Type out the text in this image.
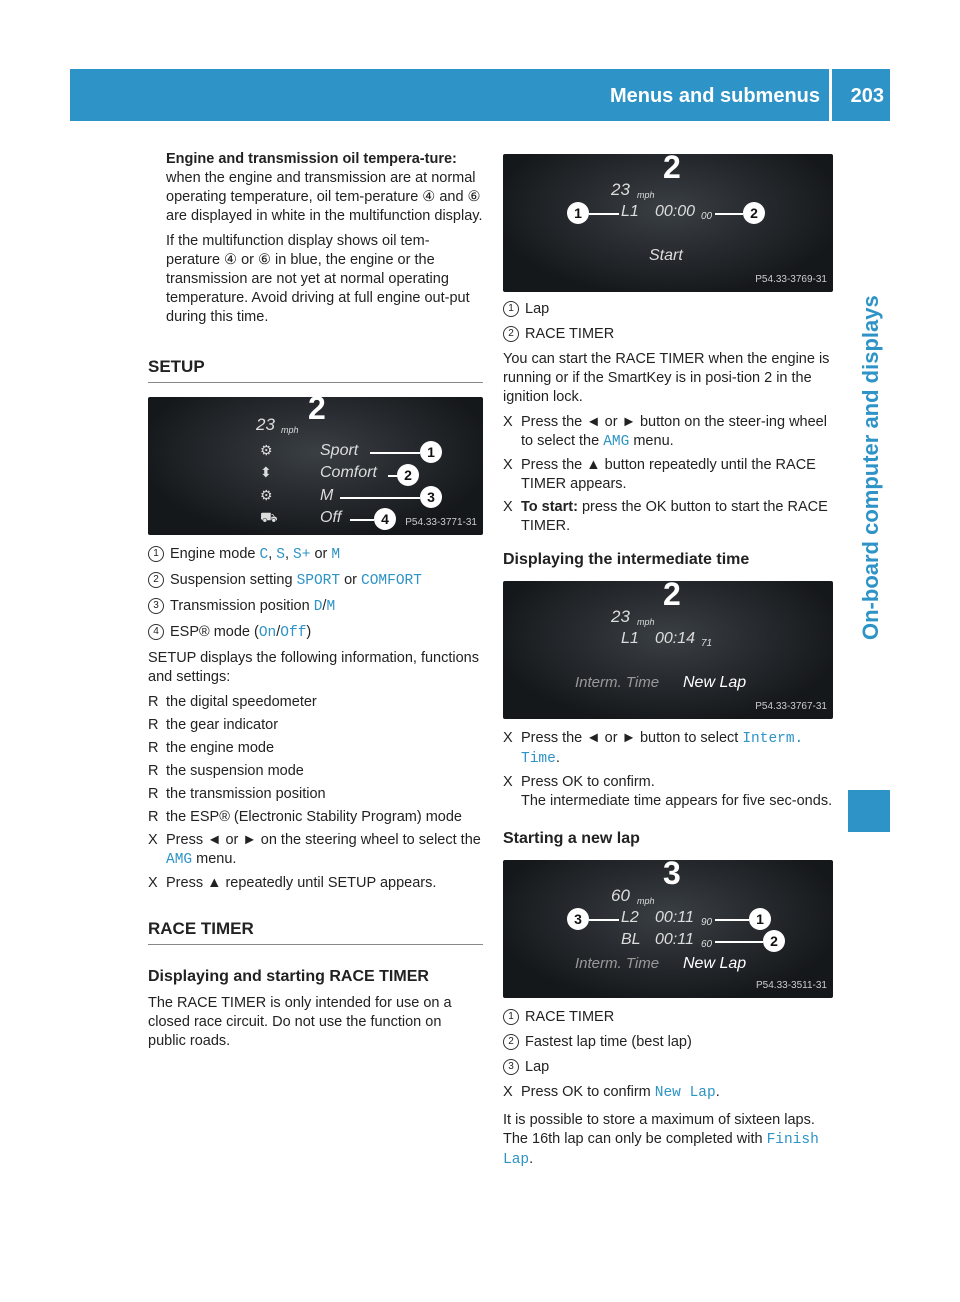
Menus and submenus 203
On-board computer and displays

Engine and transmission oil tempera-ture: when the engine and transmission are at normal operating temperature, oil tem-perature ④ and ⑥ are displayed in white in the multifunction display.

If the multifunction display shows oil tem-perature ④ or ⑥ in blue, the engine or the transmission are not yet at normal operating temperature. Avoid driving at full engine out-put during this time.

SETUP
23 mph
2
⚙
⬍
⚙
⛟
Sport
Comfort
M
Off
1
2
3
4	P54.33-3771-31

1 Engine mode C, S, S+ or M

2 Suspension setting SPORT or COMFORT

3 Transmission position D/M

4 ESP® mode (On/Off)

SETUP displays the following information, functions and settings:

R the digital speedometer
R the gear indicator
R the engine mode
R the suspension mode
R the transmission position
R the ESP® (Electronic Stability Program) mode
X Press ◄ or ► on the steering wheel to select the AMG menu.
X Press ▲ repeatedly until SETUP appears.
RACE TIMER
Displaying and starting RACE TIMER

The RACE TIMER is only intended for use on a closed race circuit. Do not use the function on public roads.

23 mph
2
L1 00:00 00
Start
1	2
P54.33-3769-31

1 Lap

2 RACE TIMER

You can start the RACE TIMER when the engine is running or if the SmartKey is in posi-tion 2 in the ignition lock.

X Press the ◄ or ► button on the steer-ing wheel to select the AMG menu.
X Press the ▲ button repeatedly until the RACE TIMER appears.
X To start: press the OK button to start the RACE TIMER.
Displaying the intermediate time
23 mph
2
L1 00:14 71
Interm. Time New Lap
P54.33-3767-31
X Press the ◄ or ► button to select Interm. Time.
X Press OK to confirm.
The intermediate time appears for five sec-onds.
Starting a new lap
60 mph
3
L2 00:11 90
BL 00:11 60
Interm. Time New Lap
3	1
2
P54.33-3511-31

1 RACE TIMER

2 Fastest lap time (best lap)

3 Lap

X Press OK to confirm New Lap.

It is possible to store a maximum of sixteen laps. The 16th lap can only be completed with Finish Lap.
